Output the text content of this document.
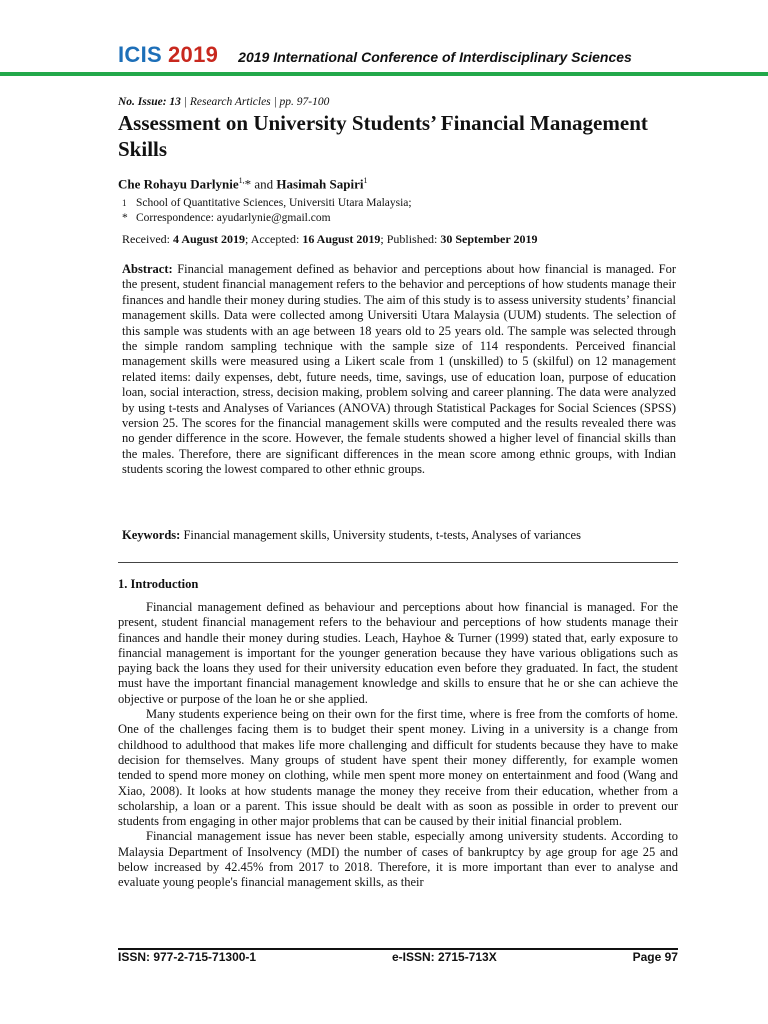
ICIS 2019 2019 International Conference of Interdisciplinary Sciences
No. Issue: 13 | Research Articles | pp. 97-100
Assessment on University Students’ Financial Management Skills
Che Rohayu Darlynie$^{1,}$* and Hasimah Sapiri$^1$
1 School of Quantitative Sciences, Universiti Utara Malaysia;
* Correspondence: ayudarlynie@gmail.com
Received: 4 August 2019; Accepted: 16 August 2019; Published: 30 September 2019
Abstract: Financial management defined as behavior and perceptions about how financial is managed. For the present, student financial management refers to the behavior and perceptions of how students manage their finances and handle their money during studies. The aim of this study is to assess university students’ financial management skills. Data were collected among Universiti Utara Malaysia (UUM) students. The selection of this sample was students with an age between 18 years old to 25 years old. The sample was selected through the simple random sampling technique with the sample size of 114 respondents. Perceived financial management skills were measured using a Likert scale from 1 (unskilled) to 5 (skilful) on 12 management related items: daily expenses, debt, future needs, time, savings, use of education loan, purpose of education loan, social interaction, stress, decision making, problem solving and career planning. The data were analyzed by using t-tests and Analyses of Variances (ANOVA) through Statistical Packages for Social Sciences (SPSS) version 25. The scores for the financial management skills were computed and the results revealed there was no gender difference in the score. However, the female students showed a higher level of financial skills than the males. Therefore, there are significant differences in the mean score among ethnic groups, with Indian students scoring the lowest compared to other ethnic groups.
Keywords: Financial management skills, University students, t-tests, Analyses of variances
1. Introduction

Financial management defined as behaviour and perceptions about how financial is managed. For the present, student financial management refers to the behaviour and perceptions of how students manage their finances and handle their money during studies. Leach, Hayhoe & Turner (1999) stated that, early exposure to financial management is important for the younger generation because they have various obligations such as paying back the loans they used for their university education even before they graduated. In fact, the student must have the important financial management knowledge and skills to ensure that he or she can achieve the objective or purpose of the loan he or she applied.

Many students experience being on their own for the first time, where is free from the comforts of home. One of the challenges facing them is to budget their spent money. Living in a university is a change from childhood to adulthood that makes life more challenging and difficult for students because they have to make decision for themselves. Many groups of student have spent their money differently, for example women tended to spend more money on clothing, while men spent more money on entertainment and food (Wang and Xiao, 2008). It looks at how students manage the money they receive from their education, whether from a scholarship, a loan or a parent. This issue should be dealt with as soon as possible in order to prevent our students from engaging in other major problems that can be caused by their initial financial problem.

Financial management issue has never been stable, especially among university students. According to Malaysia Department of Insolvency (MDI) the number of cases of bankruptcy by age group for age 25 and below increased by 42.45% from 2017 to 2018. Therefore, it is more important than ever to analyse and evaluate young people's financial management skills, as their

ISSN: 977-2-715-71300-1	e-ISSN: 2715-713X	Page 97
